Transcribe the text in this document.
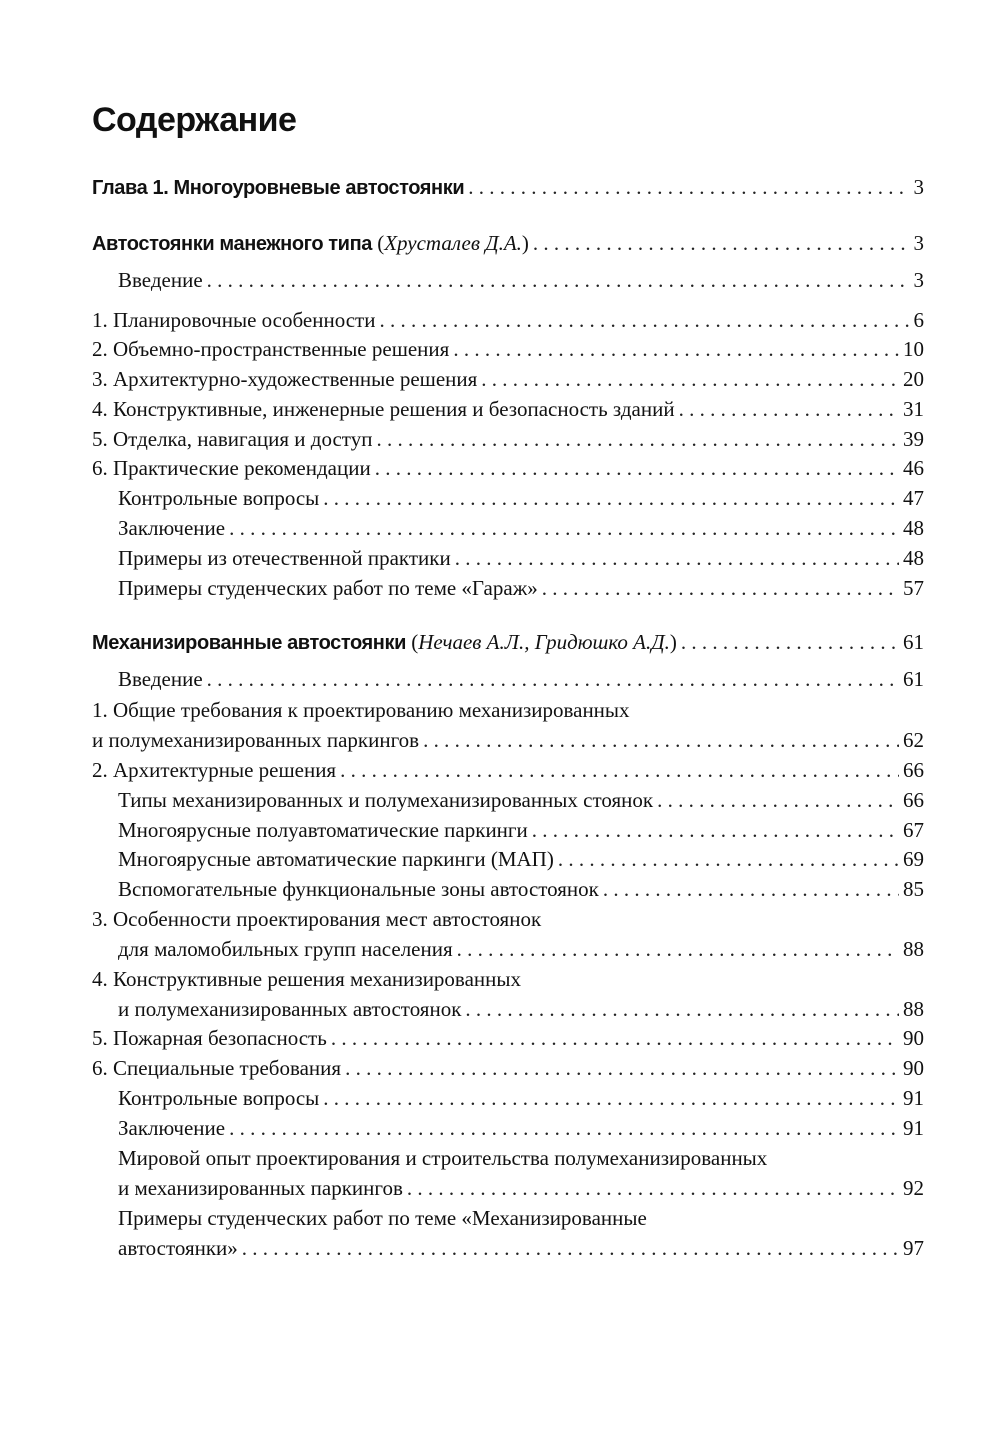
Содержание
Глава 1. Многоуровневые автостоянки . . .	3
Автостоянки манежного типа (Хрусталев Д.А.) . . .	3
Введение . . .	3
1. Планировочные особенности . . .	6
2. Объемно-пространственные решения . . .	10
3. Архитектурно-художественные решения . . .	20
4. Конструктивные, инженерные решения и безопасность зданий . . .	31
5. Отделка, навигация и доступ . . .	39
6. Практические рекомендации . . .	46
Контрольные вопросы . . .	47
Заключение . . .	48
Примеры из отечественной практики . . .	48
Примеры студенческих работ по теме «Гараж» . . .	57
Механизированные автостоянки (Нечаев А.Л., Гридюшко А.Д.) . . .	61
Введение . . .	61
1. Общие требования к проектированию механизированных
и полумеханизированных паркингов . . .	62
2. Архитектурные решения . . .	66
Типы механизированных и полумеханизированных стоянок . . .	66
Многоярусные полуавтоматические паркинги . . .	67
Многоярусные автоматические паркинги (МАП) . . .	69
Вспомогательные функциональные зоны автостоянок . . .	85
3. Особенности проектирования мест автостоянок
для маломобильных групп населения . . .	88
4. Конструктивные решения механизированных
и полумеханизированных автостоянок . . .	88
5. Пожарная безопасность . . .	90
6. Специальные требования . . .	90
Контрольные вопросы . . .	91
Заключение . . .	91
Мировой опыт проектирования и строительства полумеханизированных
и механизированных паркингов . . .	92
Примеры студенческих работ по теме «Механизированные
автостоянки» . . .	97
